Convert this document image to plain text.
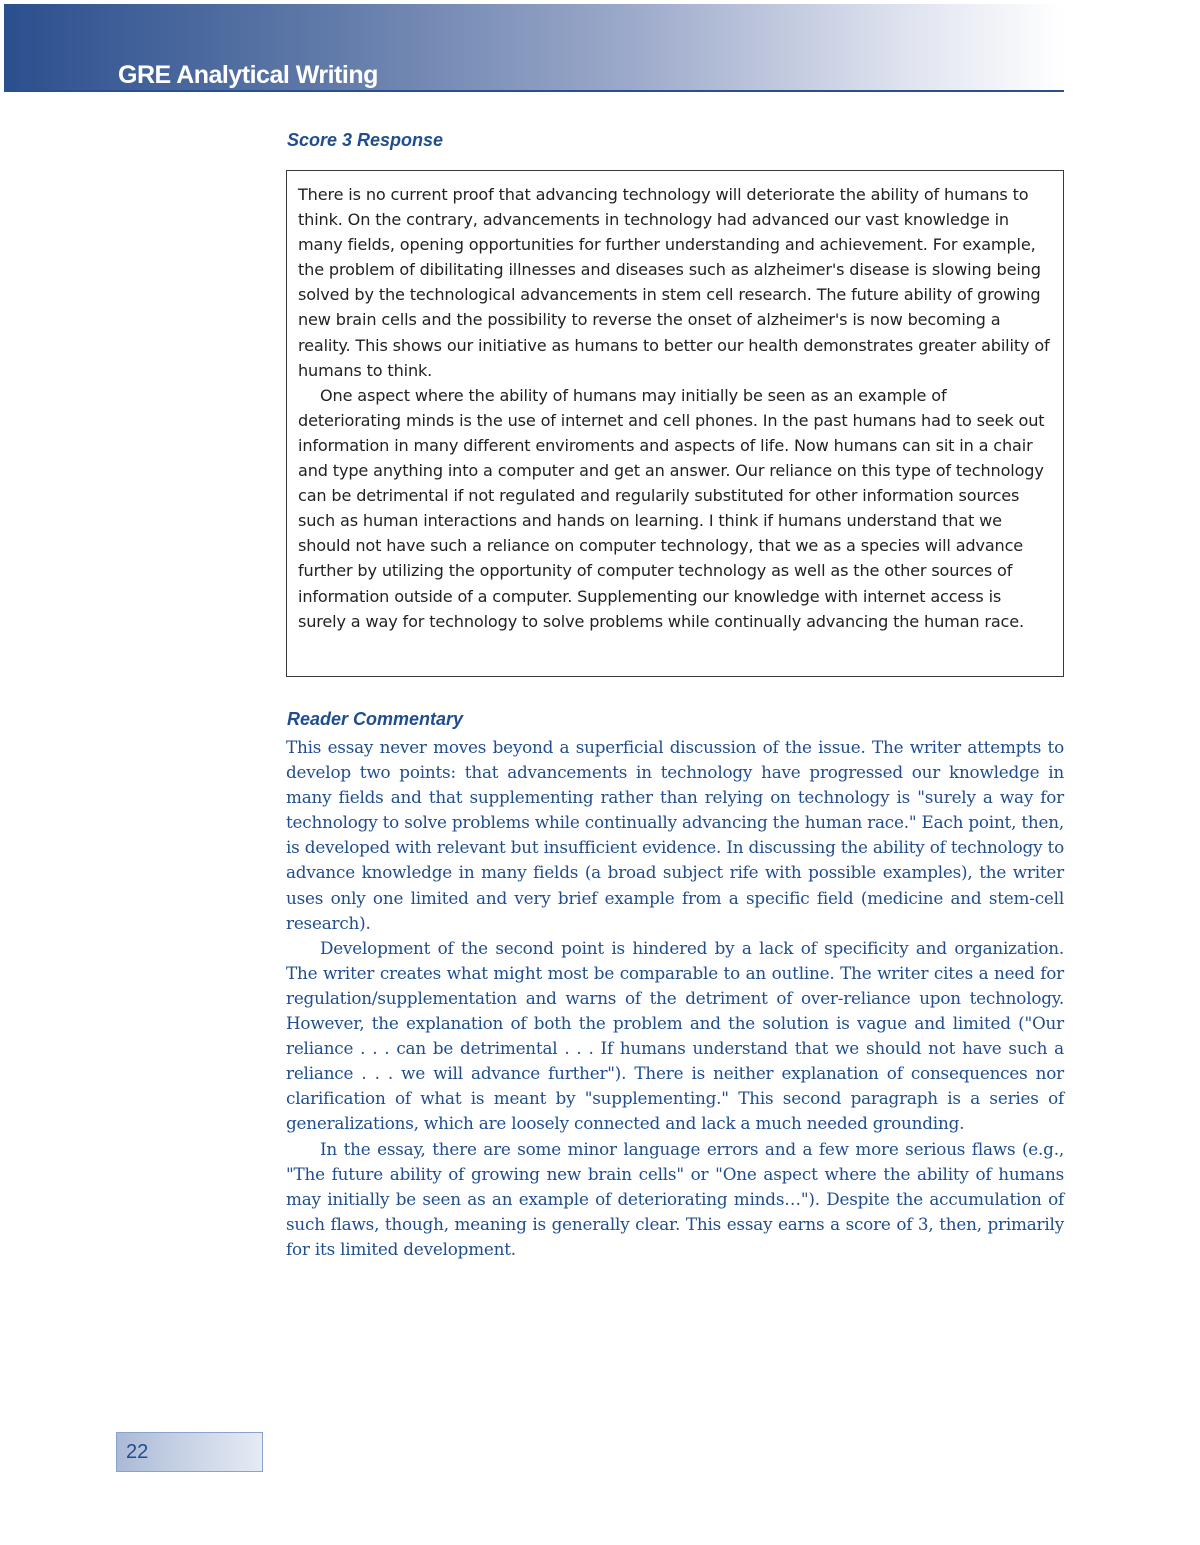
GRE Analytical Writing
Score 3 Response

There is no current proof that advancing technology will deteriorate the ability of humans to think. On the contrary, advancements in technology had advanced our vast knowledge in many fields, opening opportunities for further understanding and achievement. For example, the problem of dibilitating illnesses and diseases such as alzheimer's disease is slowing being solved by the technological advancements in stem cell research. The future ability of growing new brain cells and the possibility to reverse the onset of alzheimer's is now becoming a reality. This shows our initiative as humans to better our health demonstrates greater ability of humans to think.

One aspect where the ability of humans may initially be seen as an example of deteriorating minds is the use of internet and cell phones. In the past humans had to seek out information in many different enviroments and aspects of life. Now humans can sit in a chair and type anything into a computer and get an answer. Our reliance on this type of technology can be detrimental if not regulated and regularily substituted for other information sources such as human interactions and hands on learning. I think if humans understand that we should not have such a reliance on computer technology, that we as a species will advance further by utilizing the opportunity of computer technology as well as the other sources of information outside of a computer. Supplementing our knowledge with internet access is surely a way for technology to solve problems while continually advancing the human race.

Reader Commentary

This essay never moves beyond a superficial discussion of the issue. The writer attempts to develop two points: that advancements in technology have progressed our knowledge in many fields and that supplementing rather than relying on technology is "surely a way for technology to solve problems while continually advancing the human race." Each point, then, is developed with relevant but insufficient evidence. In discussing the ability of technology to advance knowledge in many fields (a broad subject rife with possible examples), the writer uses only one limited and very brief example from a specific field (medicine and stem-cell research).

Development of the second point is hindered by a lack of specificity and organization. The writer creates what might most be comparable to an outline. The writer cites a need for regulation/supplementation and warns of the detriment of over-reliance upon technology. However, the explanation of both the problem and the solution is vague and limited ("Our reliance . . . can be detrimental . . . If humans understand that we should not have such a reliance . . . we will advance further"). There is neither explanation of consequences nor clarification of what is meant by "supplementing." This second paragraph is a series of generalizations, which are loosely connected and lack a much needed grounding.

In the essay, there are some minor language errors and a few more serious flaws (e.g., "The future ability of growing new brain cells" or "One aspect where the ability of humans may initially be seen as an example of deteriorating minds…"). Despite the accumulation of such flaws, though, meaning is generally clear. This essay earns a score of 3, then, primarily for its limited development.

22
